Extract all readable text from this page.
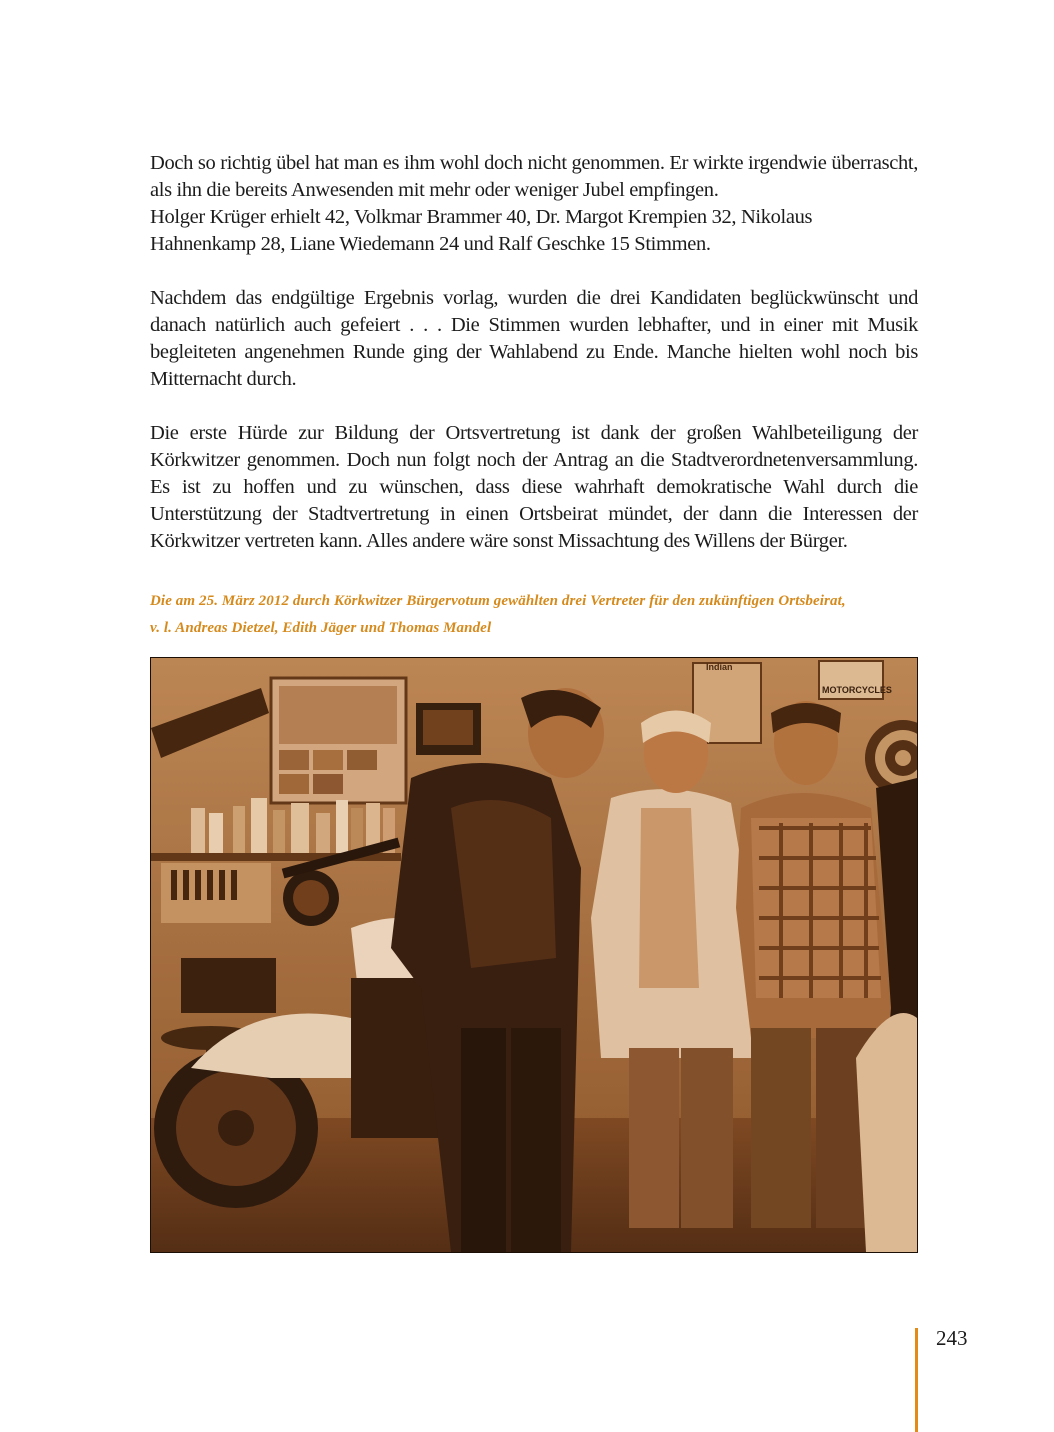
Doch so richtig übel hat man es ihm wohl doch nicht genommen. Er wirkte irgendwie überrascht, als ihn die bereits Anwesenden mit mehr oder weniger Jubel empfingen.
Holger Krüger erhielt 42, Volkmar Brammer 40, Dr. Margot Krempien 32, Nikolaus Hahnenkamp 28, Liane Wiedemann 24 und Ralf Geschke 15 Stimmen.

Nachdem das endgültige Ergebnis vorlag, wurden die drei Kandidaten beglückwünscht und danach natürlich auch gefeiert . . . Die Stimmen wurden lebhafter, und in einer mit Musik begleiteten angenehmen Runde ging der Wahlabend zu Ende. Manche hielten wohl noch bis Mitternacht durch.

Die erste Hürde zur Bildung der Ortsvertretung ist dank der großen Wahlbeteiligung der Körkwitzer genommen. Doch nun folgt noch der Antrag an die Stadtverordnetenversammlung. Es ist zu hoffen und zu wünschen, dass diese wahrhaft demokratische Wahl durch die Unterstützung der Stadtvertretung in einen Ortsbeirat mündet, der dann die Interessen der Körkwitzer vertreten kann. Alles andere wäre sonst Missachtung des Willens der Bürger.

Die am 25. März 2012 durch Körkwitzer Bürgervotum gewählten drei Vertreter für den zukünftigen Ortsbeirat,
v. l. Andreas Dietzel, Edith Jäger und Thomas Mandel
Indian
MOTORCYCLES
243
